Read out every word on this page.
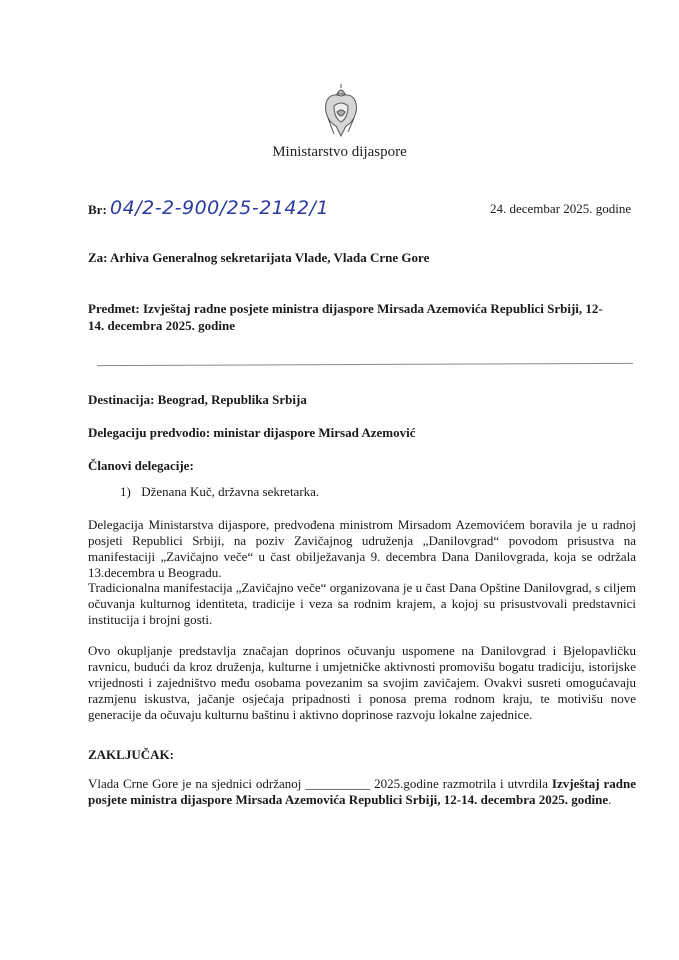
Ministarstvo dijaspore
Br: 04/2-2-900/25-2142/1	24. decembar 2025. godine
Za: Arhiva Generalnog sekretarijata Vlade, Vlada Crne Gore
Predmet: Izvještaj radne posjete ministra dijaspore Mirsada Azemovića Republici Srbiji, 12-14. decembra 2025. godine
Destinacija: Beograd, Republika Srbija
Delegaciju predvodio: ministar dijaspore Mirsad Azemović
Članovi delegacije:
1) Dženana Kuč, državna sekretarka.
Delegacija Ministarstva dijaspore, predvođena ministrom Mirsadom Azemovićem boravila je u radnoj posjeti Republici Srbiji, na poziv Zavičajnog udruženja „Danilovgrad“ povodom prisustva na manifestaciji „Zavičajno veče“ u čast obilježavanja 9. decembra Dana Danilovgrada, koja se održala 13.decembra u Beogradu.
Tradicionalna manifestacija „Zavičajno veče“ organizovana je u čast Dana Opštine Danilovgrad, s ciljem očuvanja kulturnog identiteta, tradicije i veza sa rodnim krajem, a kojoj su prisustvovali predstavnici institucija i brojni gosti.
Ovo okupljanje predstavlja značajan doprinos očuvanju uspomene na Danilovgrad i Bjelopavličku ravnicu, budući da kroz druženja, kulturne i umjetničke aktivnosti promovišu bogatu tradiciju, istorijske vrijednosti i zajedništvo među osobama povezanim sa svojim zavičajem. Ovakvi susreti omogućavaju razmjenu iskustva, jačanje osjećaja pripadnosti i ponosa prema rodnom kraju, te motivišu nove generacije da očuvaju kulturnu baštinu i aktivno doprinose razvoju lokalne zajednice.
ZAKLJUČAK:
Vlada Crne Gore je na sjednici održanoj __________ 2025.godine razmotrila i utvrdila Izvještaj radne posjete ministra dijaspore Mirsada Azemovića Republici Srbiji, 12-14. decembra 2025. godine.
